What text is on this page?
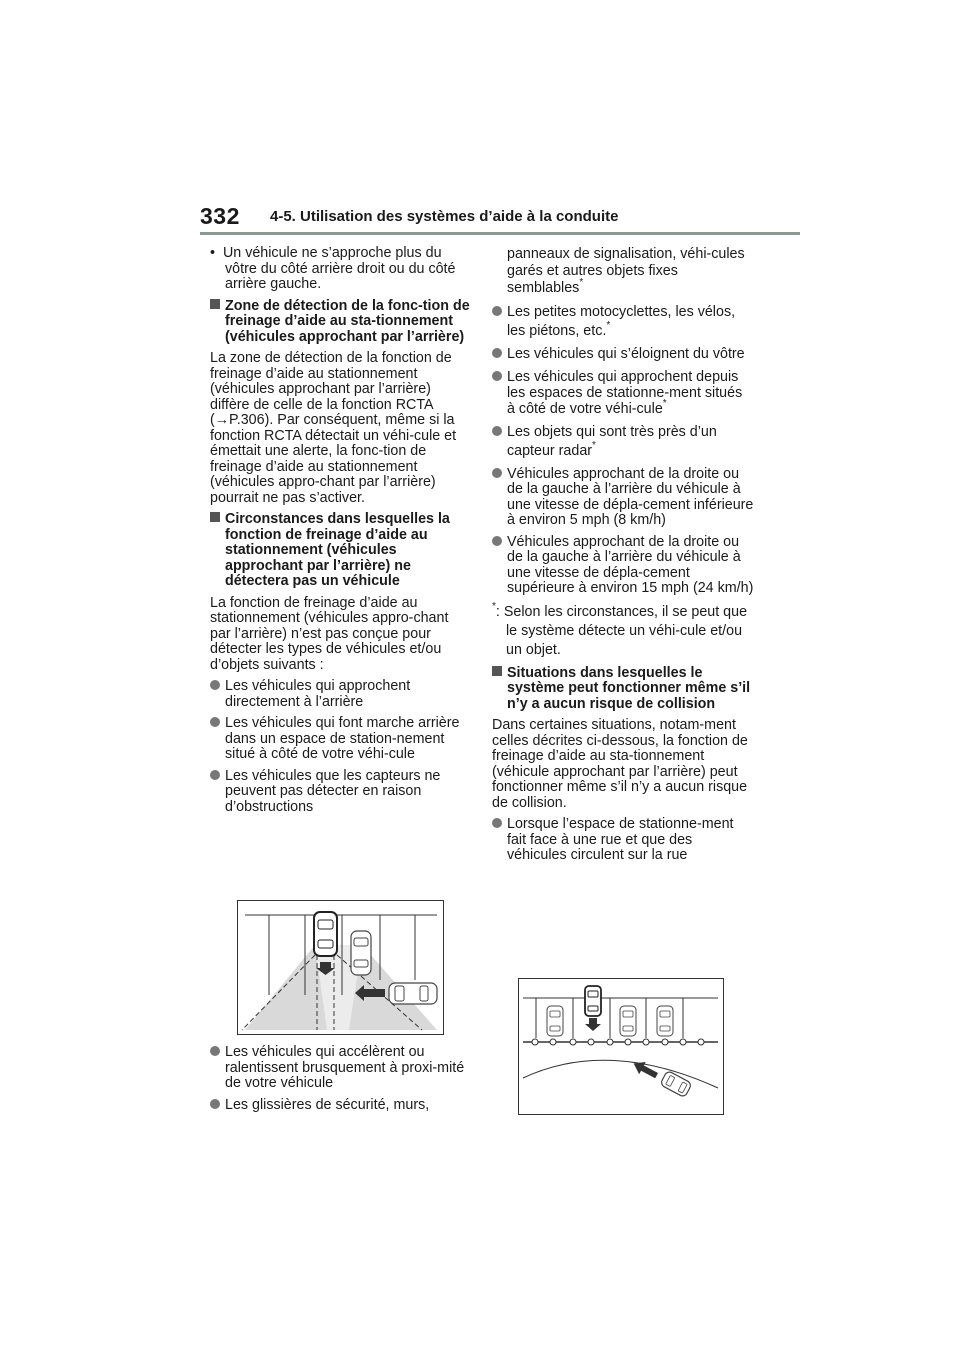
332 4-5. Utilisation des systèmes d’aide à la conduite

•  Un véhicule ne s’approche plus du vôtre du côté arrière droit ou du côté arrière gauche.

Zone de détection de la fonc-tion de freinage d’aide au sta-tionnement (véhicules approchant par l’arrière)

La zone de détection de la fonction de freinage d’aide au stationnement (véhicules approchant par l’arrière) diffère de celle de la fonction RCTA (→P.306). Par conséquent, même si la fonction RCTA détectait un véhi-cule et émettait une alerte, la fonc-tion de freinage d’aide au stationnement (véhicules appro-chant par l’arrière) pourrait ne pas s’activer.

Circonstances dans lesquelles la fonction de freinage d’aide au stationnement (véhicules approchant par l’arrière) ne détectera pas un véhicule

La fonction de freinage d’aide au stationnement (véhicules appro-chant par l’arrière) n’est pas conçue pour détecter les types de véhicules et/ou d’objets suivants :

Les véhicules qui approchent directement à l’arrière

Les véhicules qui font marche arrière dans un espace de station-nement situé à côté de votre véhi-cule

Les véhicules que les capteurs ne peuvent pas détecter en raison d’obstructions

Les véhicules qui accélèrent ou ralentissent brusquement à proxi-mité de votre véhicule

Les glissières de sécurité, murs,

panneaux de signalisation, véhi-cules garés et autres objets fixes semblables*

Les petites motocyclettes, les vélos, les piétons, etc.*

Les véhicules qui s’éloignent du vôtre

Les véhicules qui approchent depuis les espaces de stationne-ment situés à côté de votre véhi-cule*

Les objets qui sont très près d’un capteur radar*

Véhicules approchant de la droite ou de la gauche à l’arrière du véhicule à une vitesse de dépla-cement inférieure à environ 5 mph (8 km/h)

Véhicules approchant de la droite ou de la gauche à l’arrière du véhicule à une vitesse de dépla-cement supérieure à environ 15 mph (24 km/h)

*: Selon les circonstances, il se peut que le système détecte un véhi-cule et/ou un objet.

Situations dans lesquelles le système peut fonctionner même s’il n’y a aucun risque de collision

Dans certaines situations, notam-ment celles décrites ci-dessous, la fonction de freinage d’aide au sta-tionnement (véhicule approchant par l’arrière) peut fonctionner même s’il n’y a aucun risque de collision.

Lorsque l’espace de stationne-ment fait face à une rue et que des véhicules circulent sur la rue
